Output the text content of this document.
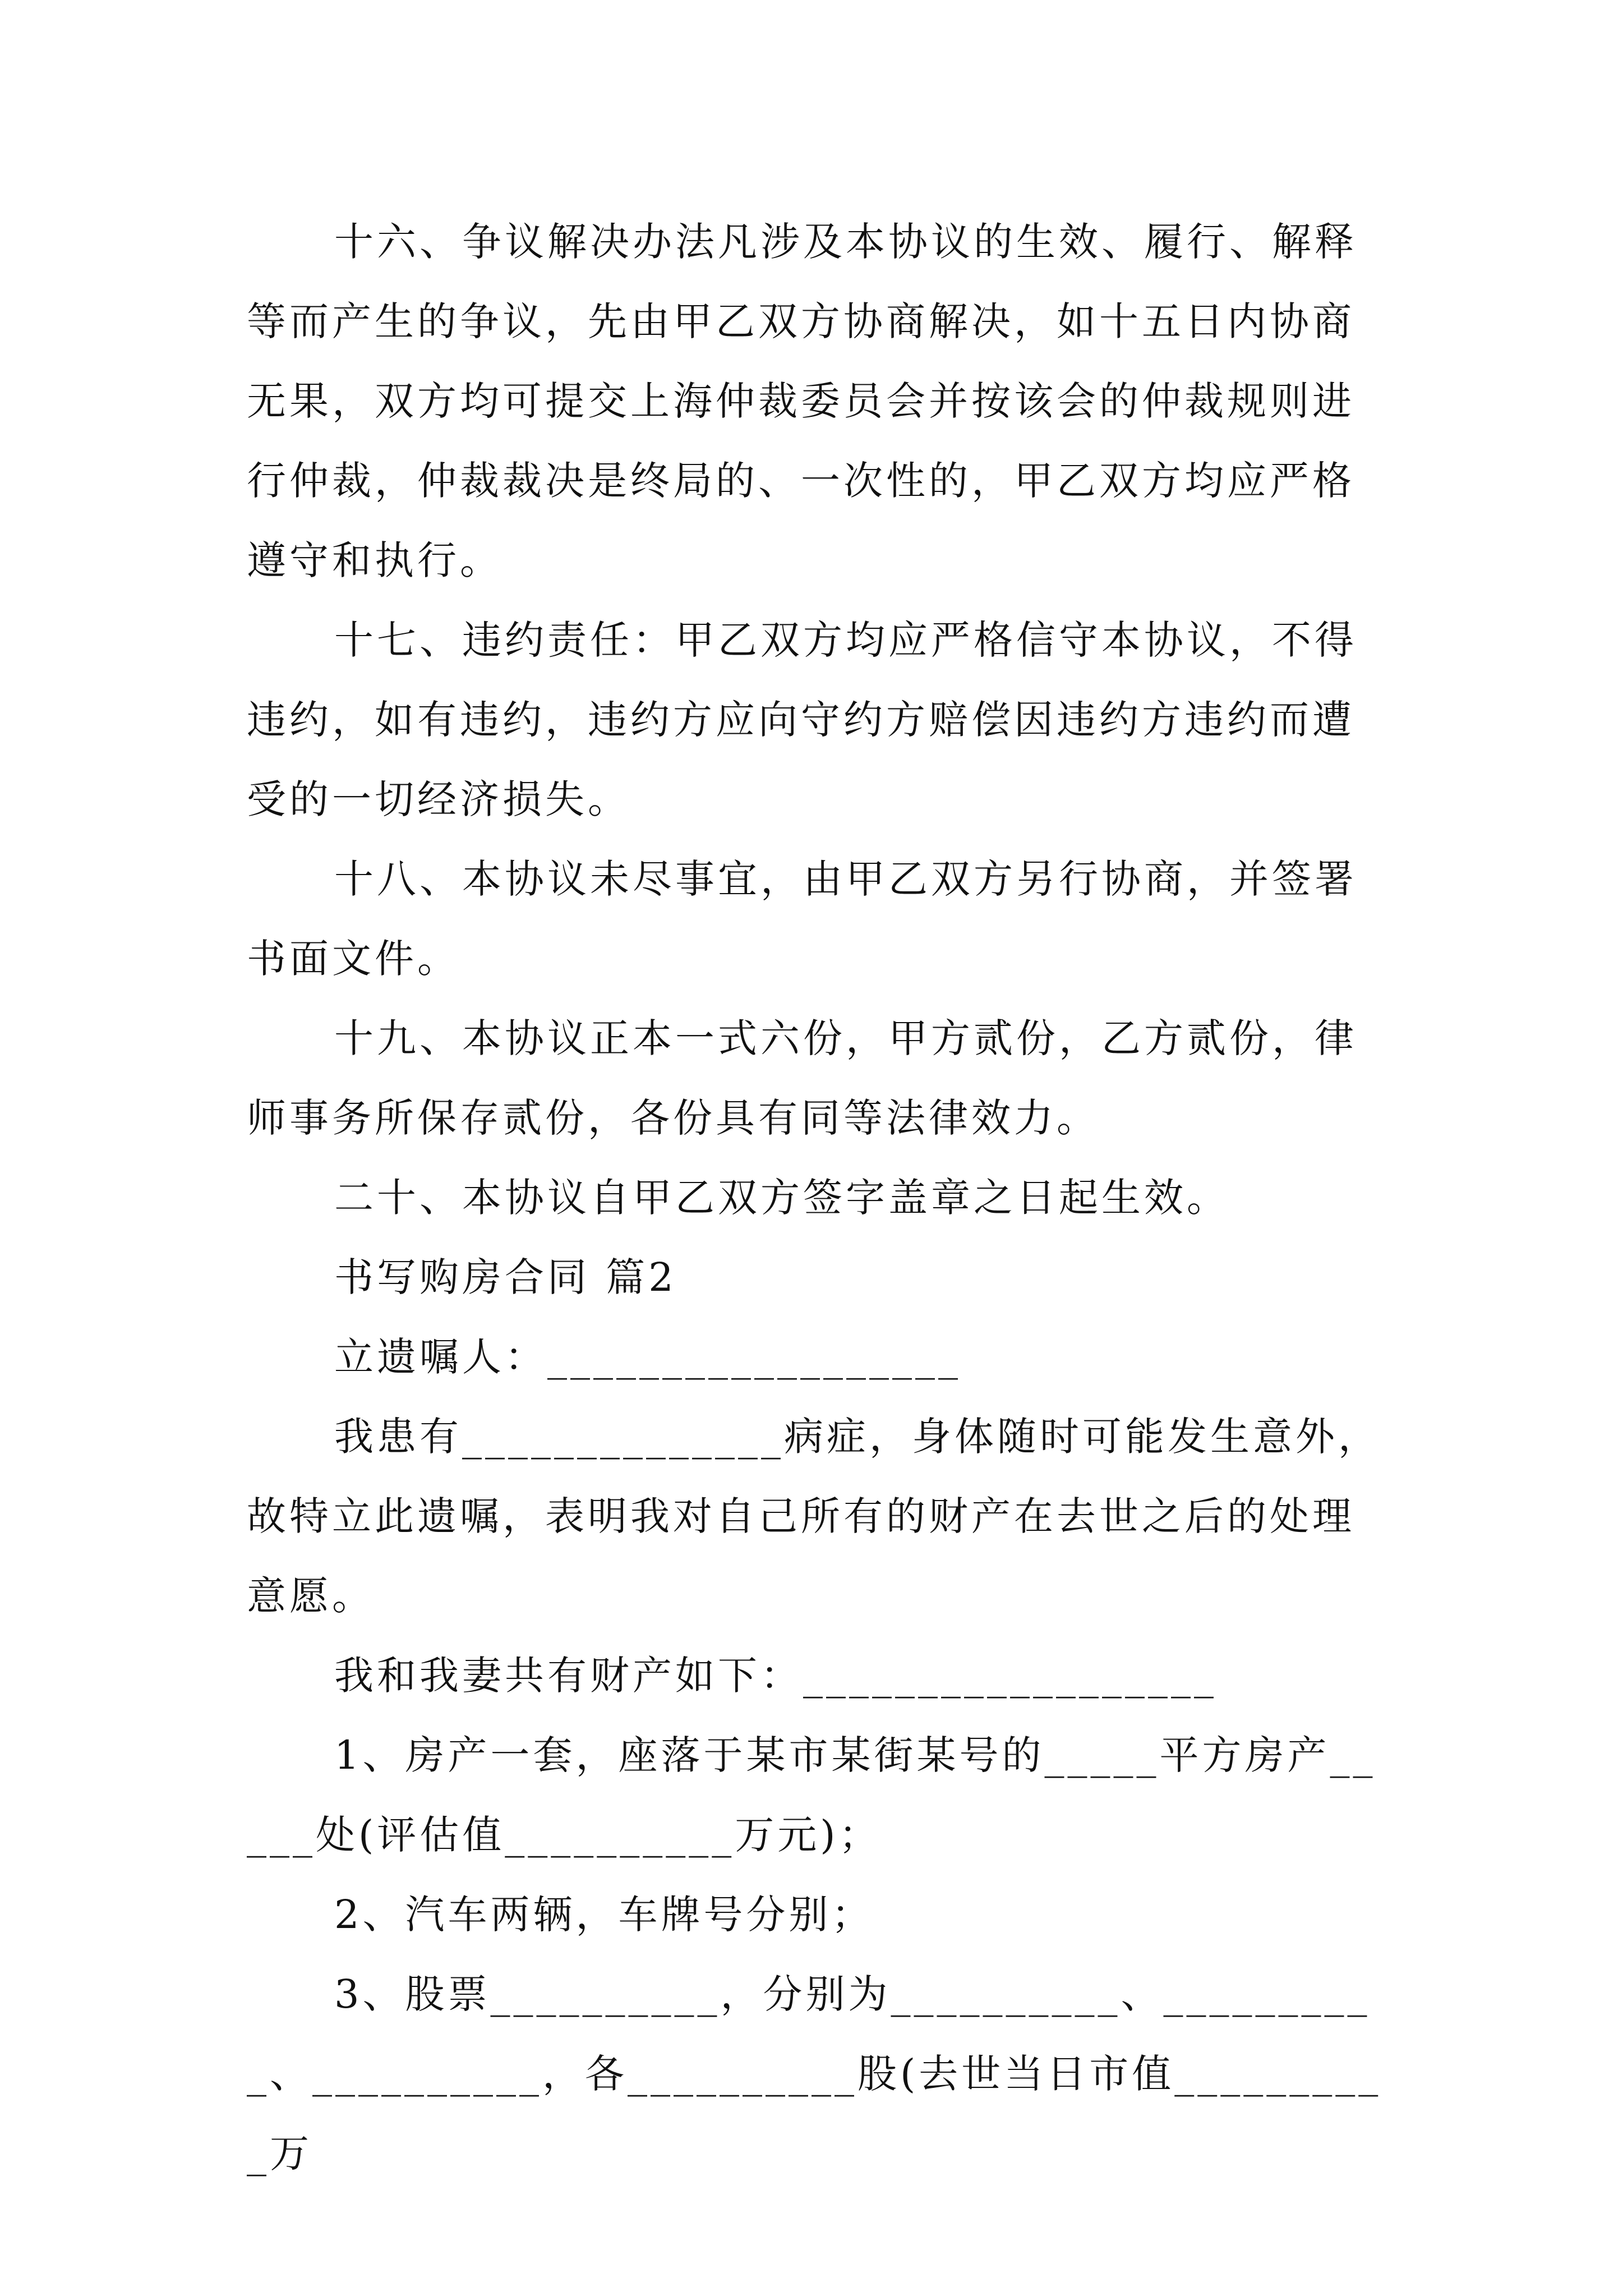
十六、争议解决办法凡涉及本协议的生效、履行、解释等而产生的争议，先由甲乙双方协商解决，如十五日内协商无果，双方均可提交上海仲裁委员会并按该会的仲裁规则进行仲裁，仲裁裁决是终局的、一次性的，甲乙双方均应严格遵守和执行。

十七、违约责任：甲乙双方均应严格信守本协议，不得违约，如有违约，违约方应向守约方赔偿因违约方违约而遭受的一切经济损失。

十八、本协议未尽事宜，由甲乙双方另行协商，并签署书面文件。

十九、本协议正本一式六份，甲方贰份，乙方贰份，律师事务所保存贰份，各份具有同等法律效力。

二十、本协议自甲乙双方签字盖章之日起生效。

书写购房合同 篇2

立遗嘱人：__________________

我患有______________病症，身体随时可能发生意外，故特立此遗嘱，表明我对自己所有的财产在去世之后的处理意愿。

我和我妻共有财产如下：__________________

1、房产一套，座落于某市某街某号的_____平方房产_____处(评估值__________万元)；

2、汽车两辆，车牌号分别；

3、股票__________，分别为__________、__________、__________，各__________股(去世当日市值__________万
